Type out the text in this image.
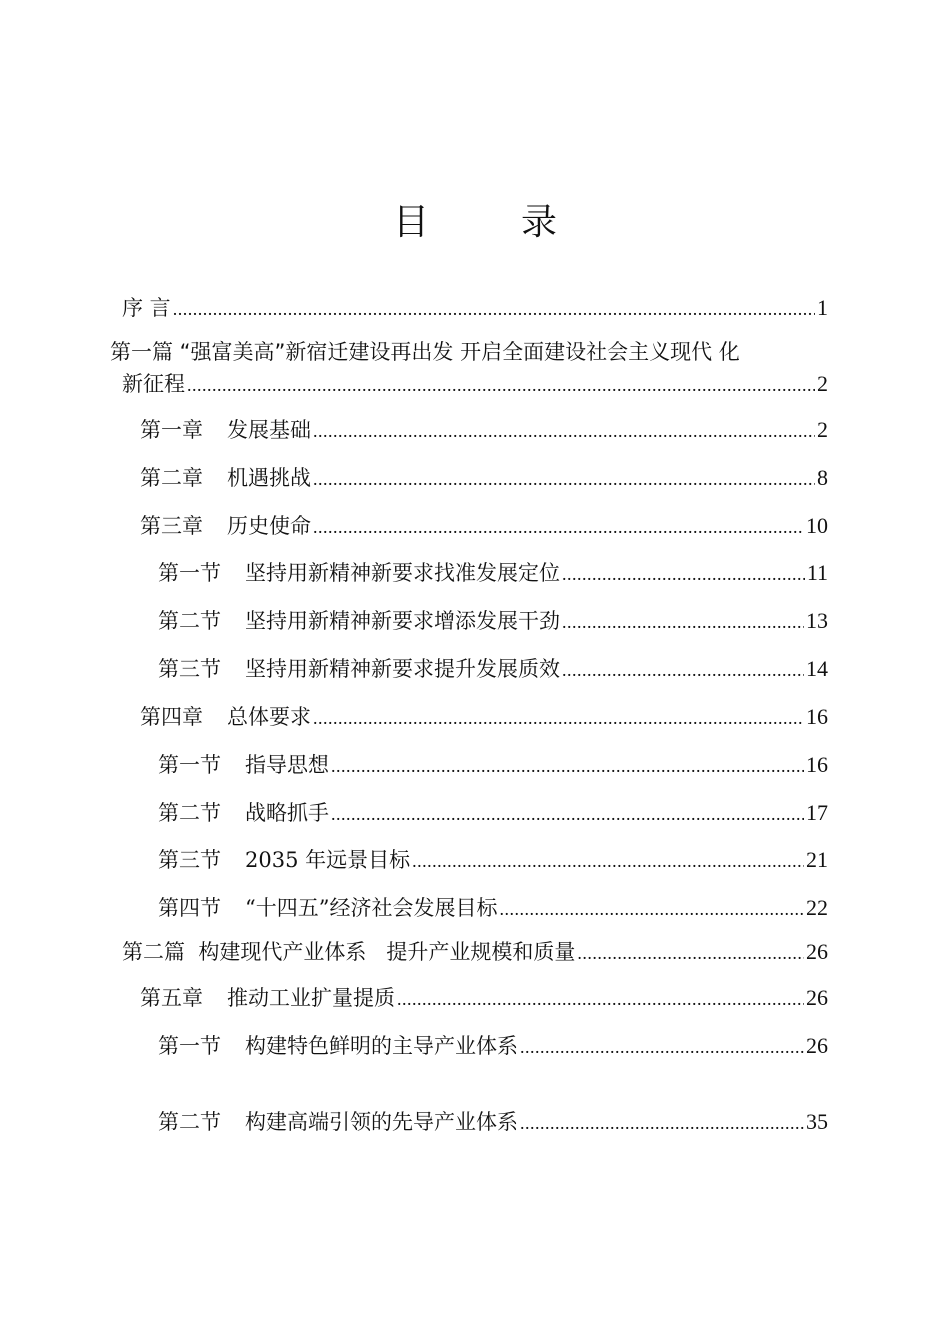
目　录
序 言 .....	1
第一篇 “强富美高”新宿迁建设再出发 开启全面建设社会主义现代 化
新征程 .....	2
第一章 发展基础 .....	2
第二章 机遇挑战 .....	8
第三章 历史使命 .....	10
第一节 坚持用新精神新要求找准发展定位 .....	11
第二节 坚持用新精神新要求增添发展干劲 .....	13
第三节 坚持用新精神新要求提升发展质效 .....	14
第四章 总体要求 .....	16
第一节 指导思想 .....	16
第二节 战略抓手 .....	17
第三节 2035 年远景目标 .....	21
第四节 “十四五”经济社会发展目标 .....	22
第二篇  构建现代产业体系   提升产业规模和质量 .....	26
第五章 推动工业扩量提质 .....	26
第一节 构建特色鲜明的主导产业体系 .....	26
第二节 构建高端引领的先导产业体系 .....	35
